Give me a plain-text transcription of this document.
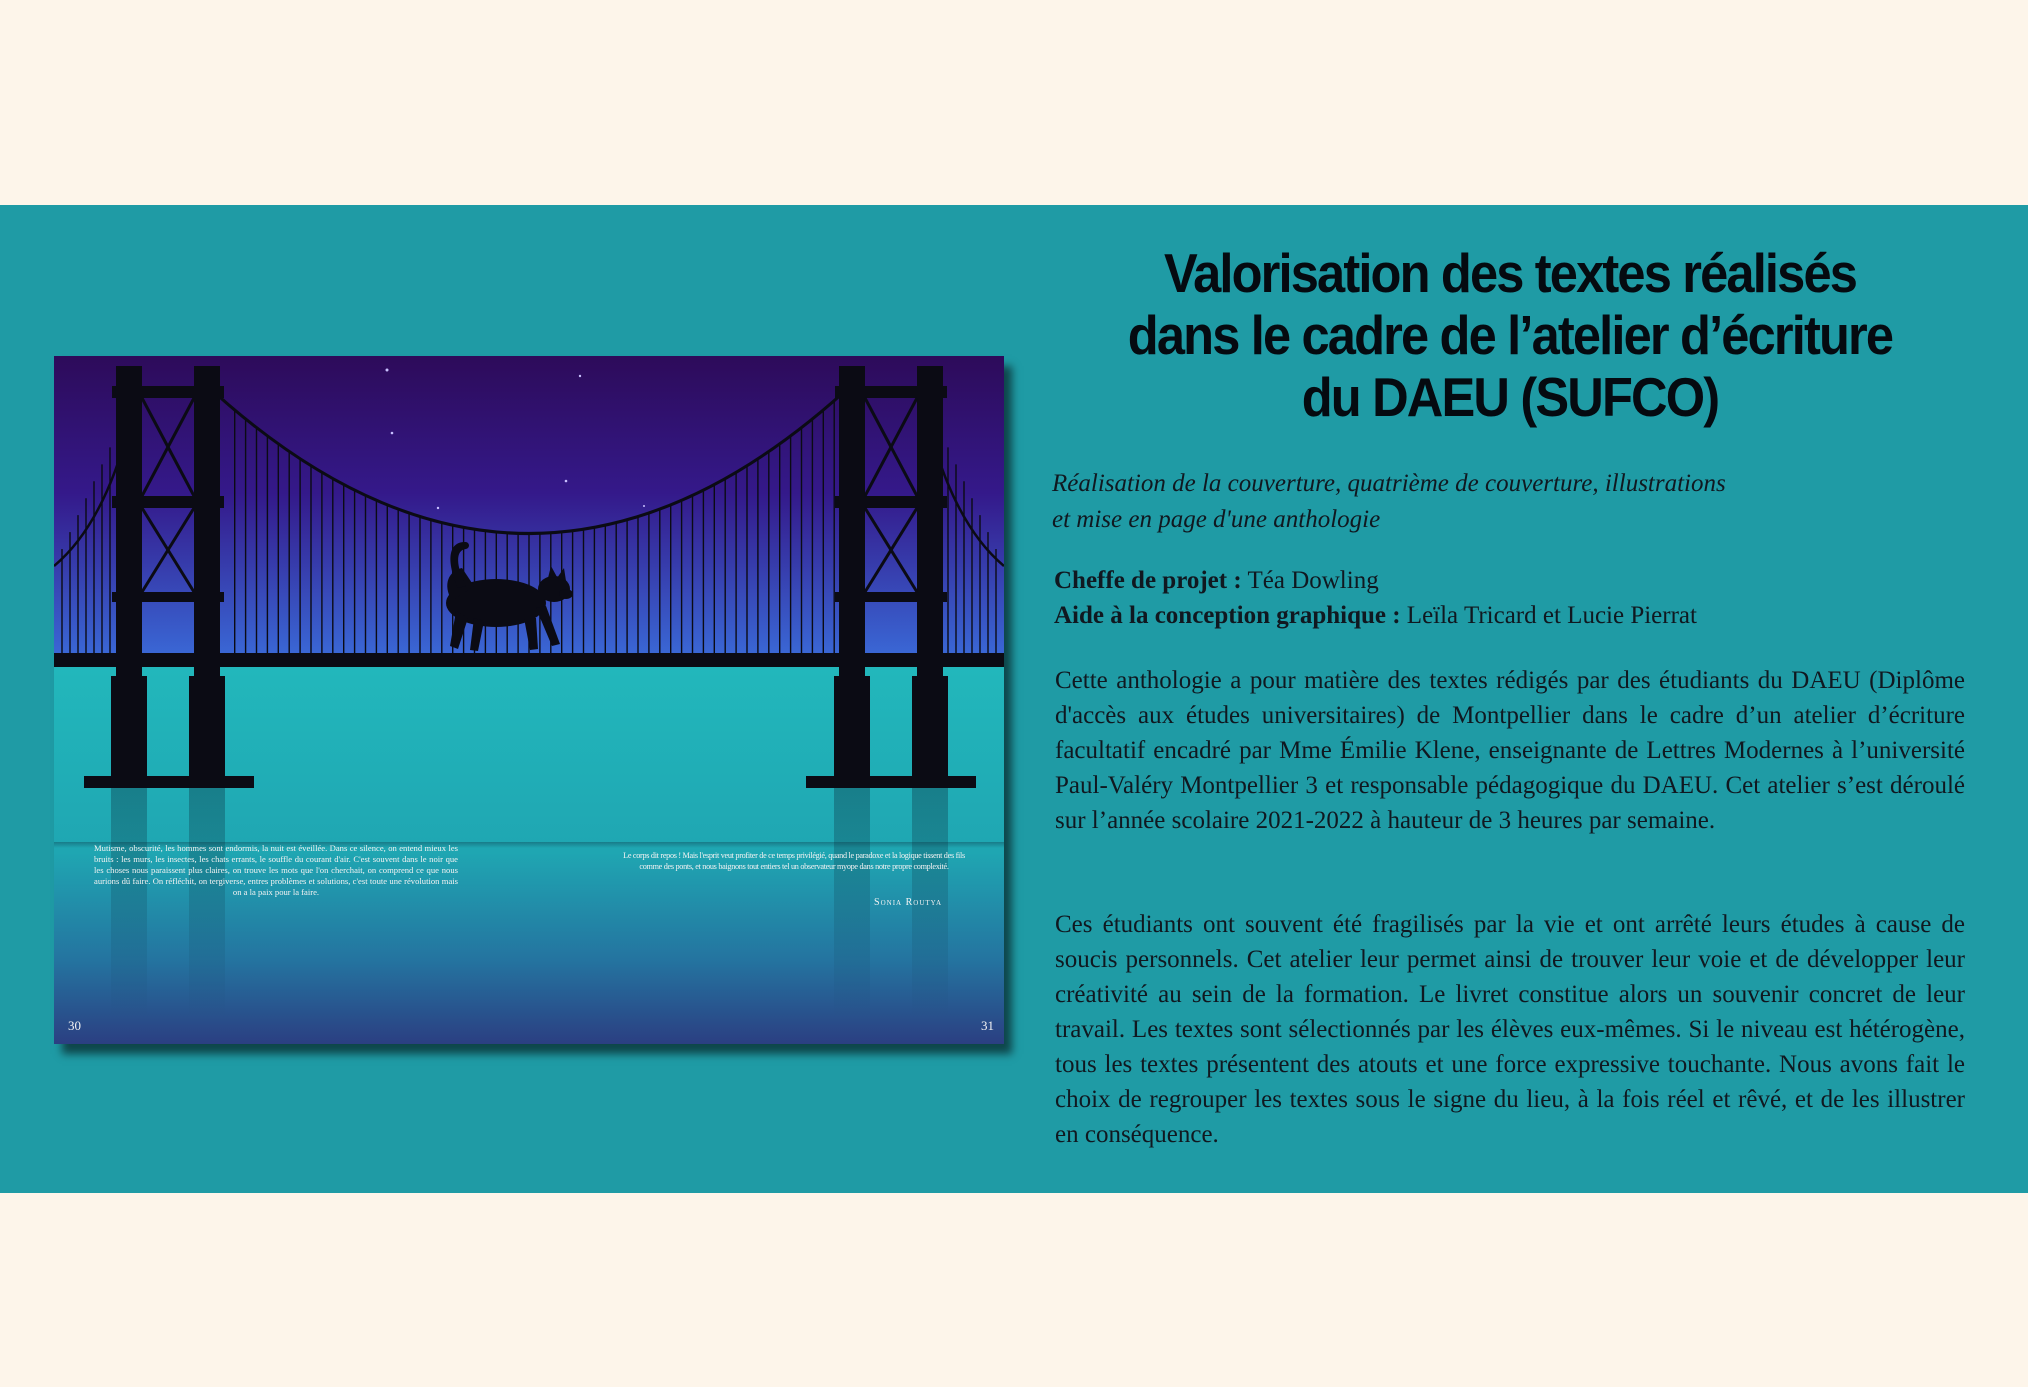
Mutisme, obscurité, les hommes sont endormis, la nuit est éveillée. Dans ce silence, on entend mieux les bruits : les murs, les insectes, les chats errants, le souffle du courant d'air. C'est souvent dans le noir que les choses nous paraissent plus claires, on trouve les mots que l'on cherchait, on comprend ce que nous aurions dû faire. On réfléchit, on tergiverse, entres problèmes et solutions, c'est toute une révolution mais on a la paix pour la faire.
Le corps dit repos ! Mais l'esprit veut profiter de ce temps privilégié, quand le paradoxe et la logique tissent des fils comme des ponts, et nous baignons tout entiers tel un observateur myope dans notre propre complexité.
Sonia Routya
30	31
Valorisation des textes réalisés
dans le cadre de l’atelier d’écriture
du DAEU (SUFCO)
Réalisation de la couverture, quatrième de couverture, illustrations
et mise en page d'une anthologie
Cheffe de projet : Téa Dowling
Aide à la conception graphique : Leïla Tricard et Lucie Pierrat

Cette anthologie a pour matière des textes rédigés par des étudiants du DAEU (Diplôme d'accès aux études universitaires) de Montpellier dans le cadre d’un atelier d’écriture facultatif encadré par Mme Émilie Klene, enseignante de Lettres Modernes à l’université Paul-Valéry Montpellier 3 et responsable pédagogique du DAEU. Cet atelier s’est déroulé sur l’année scolaire 2021-2022 à hauteur de 3 heures par semaine.

Ces étudiants ont souvent été fragilisés par la vie et ont arrêté leurs études à cause de soucis personnels. Cet atelier leur permet ainsi de trouver leur voie et de développer leur créativité au sein de la formation. Le livret constitue alors un souvenir concret de leur travail. Les textes sont sélectionnés par les élèves eux-mêmes. Si le niveau est hétérogène, tous les textes présentent des atouts et une force expressive touchante. Nous avons fait le choix de regrouper les textes sous le signe du lieu, à la fois réel et rêvé, et de les illustrer en conséquence.
